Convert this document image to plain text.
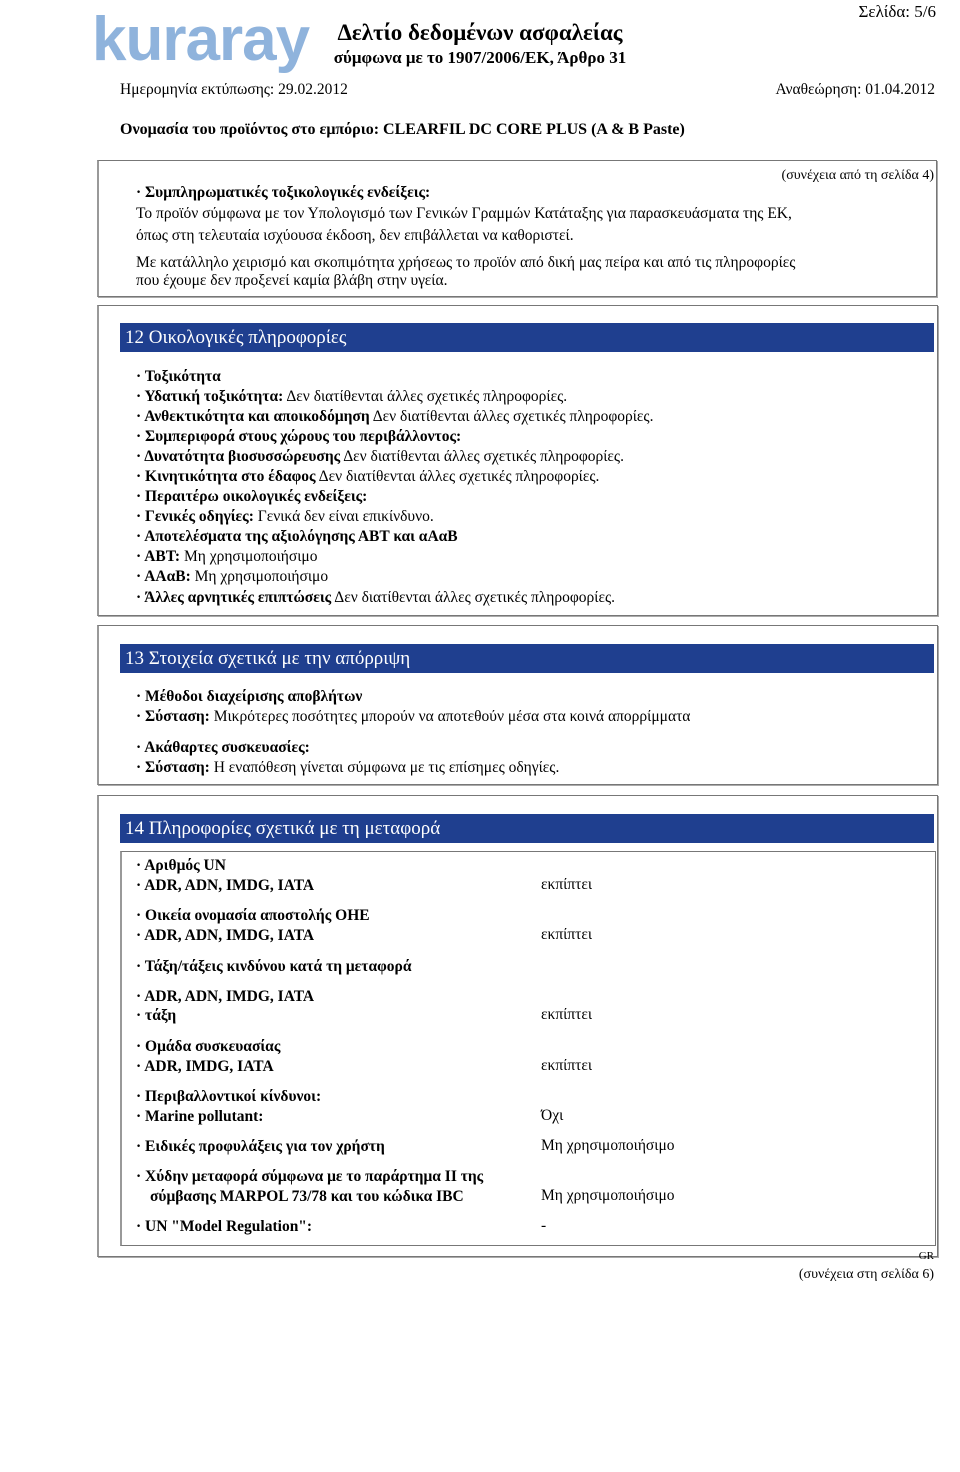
kuraray	Σελίδα: 5/6
Δελτίο δεδομένων ασφαλείας
σύμφωνα με το 1907/2006/ΕΚ, Άρθρο 31
Ημερομηνία εκτύπωσης: 29.02.2012	Αναθεώρηση: 01.04.2012
Ονομασία του προϊόντος στο εμπόριο: CLEARFIL DC CORE PLUS (A & B Paste)
(συνέχεια από τη σελίδα 4)
· Συμπληρωματικές τοξικολογικές ενδείξεις:
Το προϊόν σύμφωνα με τον Υπολογισμό των Γενικών Γραμμών Κατάταξης για παρασκευάσματα της ΕΚ,
όπως στη τελευταία ισχύουσα έκδοση, δεν επιβάλλεται να καθοριστεί.
Με κατάλληλο χειρισμό και σκοπιμότητα χρήσεως το προϊόν από δική μας πείρα και από τις πληροφορίες
που έχουμε δεν προξενεί καμία βλάβη στην υγεία.
12 Οικολογικές πληροφορίες
· Τοξικότητα
· Υδατική τοξικότητα: Δεν διατίθενται άλλες σχετικές πληροφορίες.
· Ανθεκτικότητα και αποικοδόμηση Δεν διατίθενται άλλες σχετικές πληροφορίες.
· Συμπεριφορά στους χώρους του περιβάλλοντος:
· Δυνατότητα βιοσυσσώρευσης Δεν διατίθενται άλλες σχετικές πληροφορίες.
· Κινητικότητα στο έδαφος Δεν διατίθενται άλλες σχετικές πληροφορίες.
· Περαιτέρω οικολογικές ενδείξεις:
· Γενικές οδηγίες: Γενικά δεν είναι επικίνδυνο.
· Αποτελέσματα της αξιολόγησης ΑΒΤ και αΑαΒ
· ΑΒΤ: Μη χρησιμοποιήσιμο
· ΑΑαΒ: Μη χρησιμοποιήσιμο
· Άλλες αρνητικές επιπτώσεις Δεν διατίθενται άλλες σχετικές πληροφορίες.
13 Στοιχεία σχετικά με την απόρριψη
· Μέθοδοι διαχείρισης αποβλήτων
· Σύσταση: Μικρότερες ποσότητες μπορούν να αποτεθούν μέσα στα κοινά απορρίμματα
· Ακάθαρτες συσκευασίες:
· Σύσταση: Η εναπόθεση γίνεται σύμφωνα με τις επίσημες οδηγίες.
14 Πληροφορίες σχετικά με τη μεταφορά
· Αριθμός UN
· ADR, ADN, IMDG, IATA	εκπίπτει
· Οικεία ονομασία αποστολής ΟΗΕ
· ADR, ADN, IMDG, IATA	εκπίπτει
· Τάξη/τάξεις κινδύνου κατά τη μεταφορά
· ADR, ADN, IMDG, IATA
· τάξη	εκπίπτει
· Ομάδα συσκευασίας
· ADR, IMDG, IATA	εκπίπτει
· Περιβαλλοντικοί κίνδυνοι:
· Marine pollutant:	Όχι
· Ειδικές προφυλάξεις για τον χρήστη	Μη χρησιμοποιήσιμο
· Χύδην μεταφορά σύμφωνα με το παράρτημα ΙΙ της
σύμβασης MARPOL 73/78 και του κώδικα IBC	Μη χρησιμοποιήσιμο
· UN "Model Regulation":	-
GR
(συνέχεια στη σελίδα 6)
